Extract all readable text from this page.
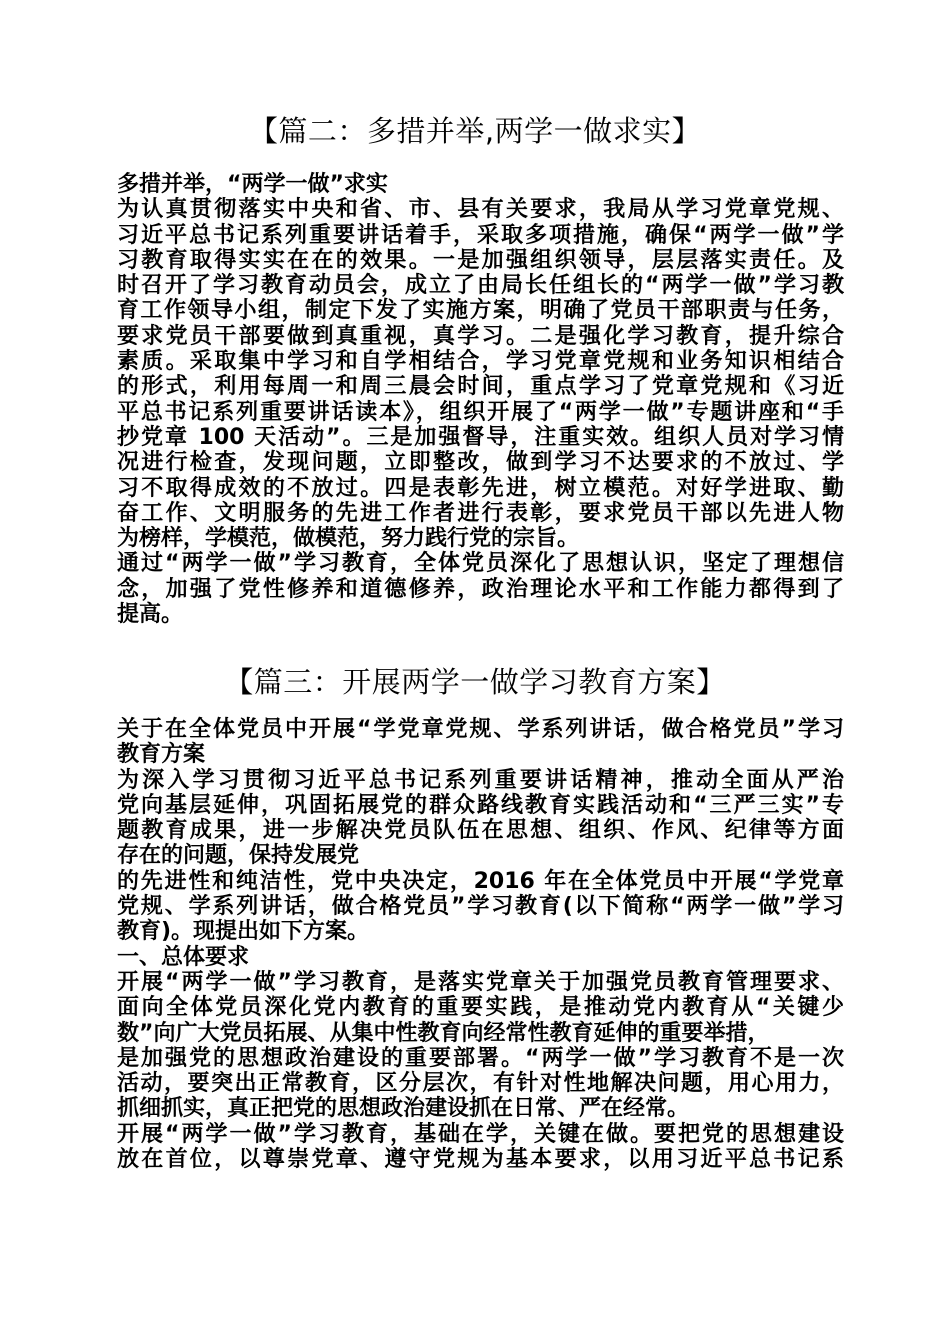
【篇二：多措并举,两学一做求实】
多措并举，“两学一做”求实
为认真贯彻落实中央和省、市、县有关要求，我局从学习党章党规、
习近平总书记系列重要讲话着手，采取多项措施，确保“两学一做”学
习教育取得实实在在的效果。一是加强组织领导，层层落实责任。及
时召开了学习教育动员会，成立了由局长任组长的“两学一做”学习教
育工作领导小组，制定下发了实施方案，明确了党员干部职责与任务，
要求党员干部要做到真重视，真学习。二是强化学习教育，提升综合
素质。采取集中学习和自学相结合，学习党章党规和业务知识相结合
的形式，利用每周一和周三晨会时间，重点学习了党章党规和《习近
平总书记系列重要讲话读本》，组织开展了“两学一做”专题讲座和“手
抄党章 100 天活动”。三是加强督导，注重实效。组织人员对学习情
况进行检查，发现问题，立即整改，做到学习不达要求的不放过、学
习不取得成效的不放过。四是表彰先进，树立模范。对好学进取、勤
奋工作、文明服务的先进工作者进行表彰，要求党员干部以先进人物
为榜样，学模范，做模范，努力践行党的宗旨。
通过“两学一做”学习教育，全体党员深化了思想认识，坚定了理想信
念，加强了党性修养和道德修养，政治理论水平和工作能力都得到了
提高。
【篇三：开展两学一做学习教育方案】
关于在全体党员中开展“学党章党规、学系列讲话，做合格党员”学习
教育方案
为深入学习贯彻习近平总书记系列重要讲话精神，推动全面从严治
党向基层延伸，巩固拓展党的群众路线教育实践活动和“三严三实”专
题教育成果，进一步解决党员队伍在思想、组织、作风、纪律等方面
存在的问题，保持发展党
的先进性和纯洁性，党中央决定，2016 年在全体党员中开展“学党章
党规、学系列讲话，做合格党员”学习教育(以下简称“两学一做”学习
教育)。现提出如下方案。
一、总体要求
开展“两学一做”学习教育，是落实党章关于加强党员教育管理要求、
面向全体党员深化党内教育的重要实践，是推动党内教育从“关键少
数”向广大党员拓展、从集中性教育向经常性教育延伸的重要举措，
是加强党的思想政治建设的重要部署。“两学一做”学习教育不是一次
活动，要突出正常教育，区分层次，有针对性地解决问题，用心用力，
抓细抓实，真正把党的思想政治建设抓在日常、严在经常。
开展“两学一做”学习教育，基础在学，关键在做。要把党的思想建设
放在首位，以尊崇党章、遵守党规为基本要求，以用习近平总书记系
